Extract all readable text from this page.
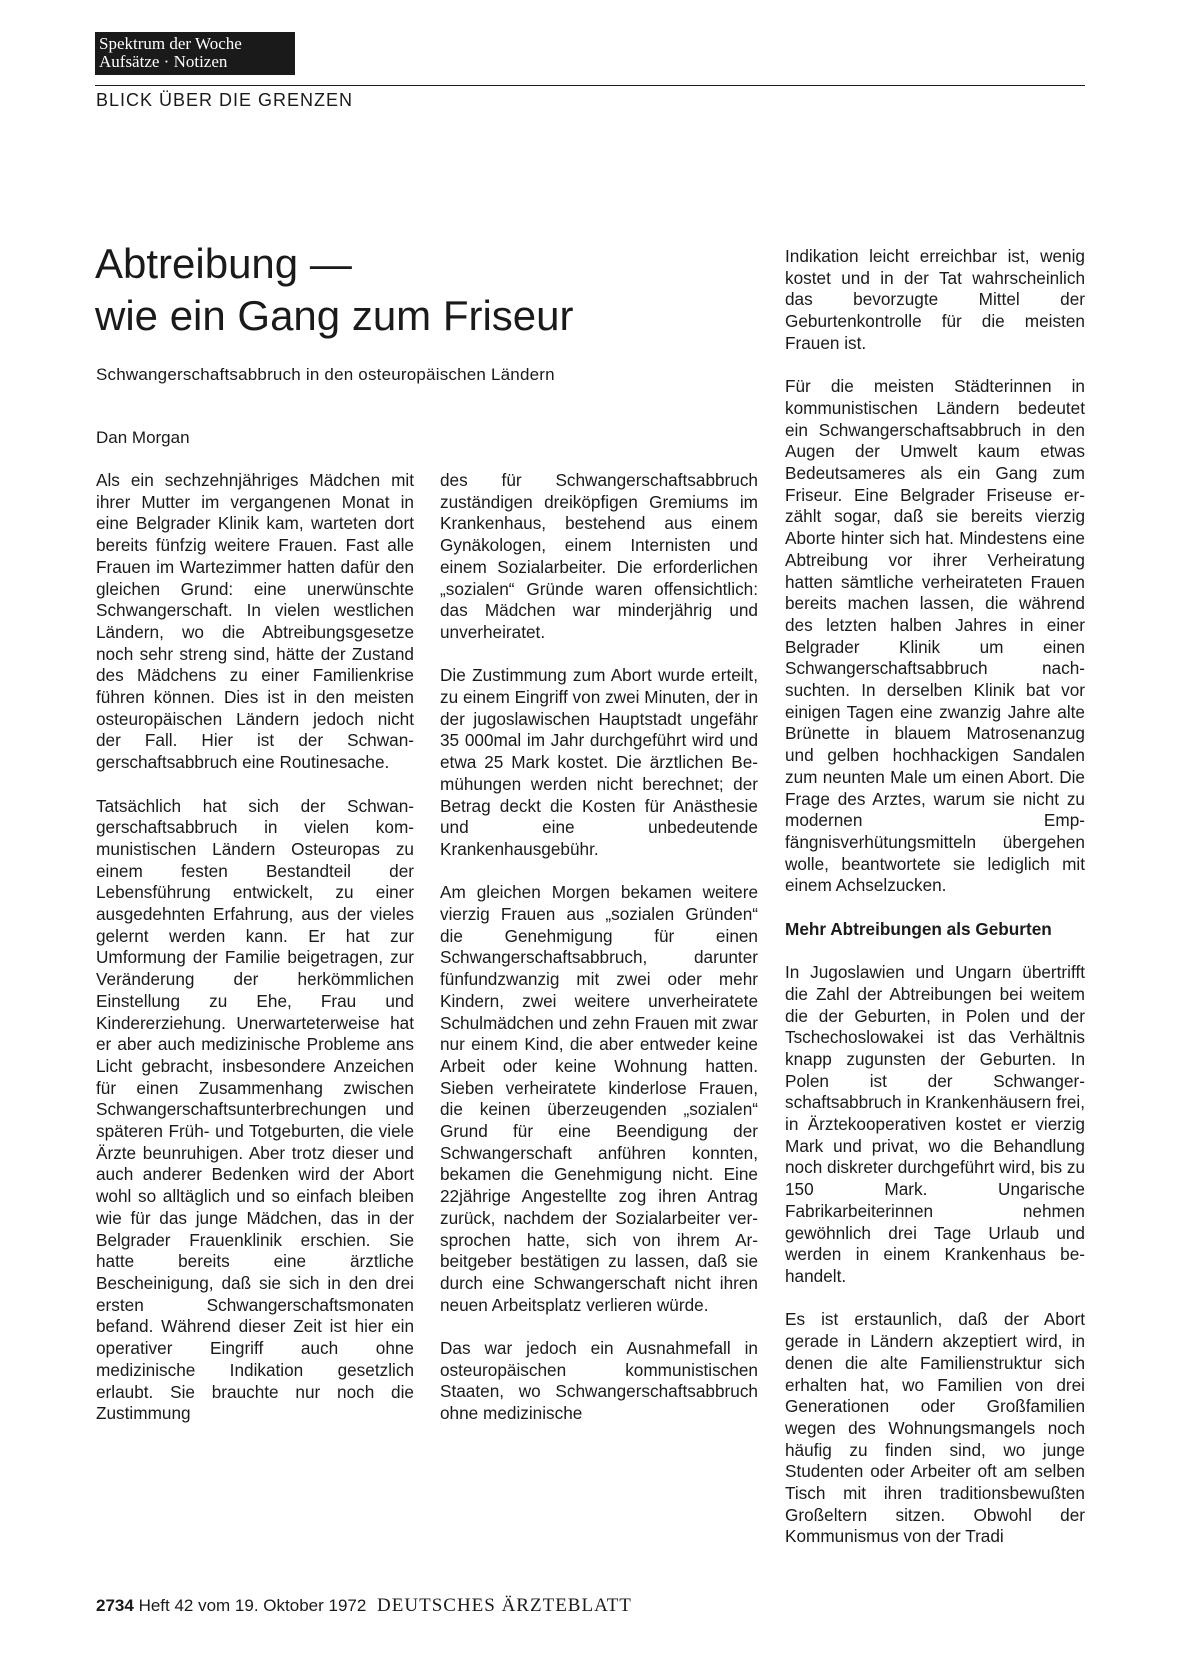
Spektrum der Woche
Aufsätze · Notizen
BLICK ÜBER DIE GRENZEN
Abtreibung —
wie ein Gang zum Friseur
Schwangerschaftsabbruch in den osteuropäischen Ländern
Dan Morgan

Als ein sechzehnjähriges Mädchen mit ihrer Mutter im vergangenen Monat in eine Belgrader Klinik kam, warteten dort bereits fünfzig weitere Frauen. Fast alle Frauen im Wartezimmer hatten dafür den gleichen Grund: eine unerwünschte Schwangerschaft. In vielen westlichen Ländern, wo die Abtreibungsgesetze noch sehr streng sind, hätte der Zustand des Mädchens zu einer Familienkrise führen können. Dies ist in den meisten osteuropäischen Ländern jedoch nicht der Fall. Hier ist der Schwangerschaftsabbruch eine Routinesache.

Tatsächlich hat sich der Schwangerschaftsabbruch in vielen kommunistischen Ländern Osteuropas zu einem festen Bestandteil der Lebensführung entwickelt, zu einer ausgedehnten Erfahrung, aus der vieles gelernt werden kann. Er hat zur Umformung der Familie beigetragen, zur Veränderung der herkömmlichen Einstellung zu Ehe, Frau und Kindererziehung. Unerwarteterweise hat er aber auch medizinische Probleme ans Licht gebracht, insbesondere Anzeichen für einen Zusammenhang zwischen Schwangerschaftsunterbrechungen und späteren Früh- und Totgeburten, die viele Ärzte beunruhigen. Aber trotz dieser und auch anderer Bedenken wird der Abort wohl so alltäglich und so einfach bleiben wie für das junge Mädchen, das in der Belgrader Frauenklinik erschien. Sie hatte bereits eine ärztliche Bescheinigung, daß sie sich in den drei ersten Schwangerschaftsmonaten befand. Während dieser Zeit ist hier ein operativer Eingriff auch ohne medizinische Indikation gesetzlich erlaubt. Sie brauchte nur noch die Zustimmung

des für Schwangerschaftsabbruch zuständigen dreiköpfigen Gremiums im Krankenhaus, bestehend aus einem Gynäkologen, einem Internisten und einem Sozialarbeiter. Die erforderlichen „sozialen“ Gründe waren offensichtlich: das Mädchen war minderjährig und unverheiratet.

Die Zustimmung zum Abort wurde erteilt, zu einem Eingriff von zwei Minuten, der in der jugoslawischen Hauptstadt ungefähr 35 000mal im Jahr durchgeführt wird und etwa 25 Mark kostet. Die ärztlichen Bemühungen werden nicht berechnet; der Betrag deckt die Kosten für Anästhesie und eine unbedeutende Krankenhausgebühr.

Am gleichen Morgen bekamen weitere vierzig Frauen aus „sozialen Gründen“ die Genehmigung für einen Schwangerschaftsabbruch, darunter fünfundzwanzig mit zwei oder mehr Kindern, zwei weitere unverheiratete Schulmädchen und zehn Frauen mit zwar nur einem Kind, die aber entweder keine Arbeit oder keine Wohnung hatten. Sieben verheiratete kinderlose Frauen, die keinen überzeugenden „sozialen“ Grund für eine Beendigung der Schwangerschaft anführen konnten, bekamen die Genehmigung nicht. Eine 22jährige Angestellte zog ihren Antrag zurück, nachdem der Sozialarbeiter versprochen hatte, sich von ihrem Arbeitgeber bestätigen zu lassen, daß sie durch eine Schwangerschaft nicht ihren neuen Arbeitsplatz verlieren würde.

Das war jedoch ein Ausnahmefall in osteuropäischen kommunistischen Staaten, wo Schwangerschaftsabbruch ohne medizinische

Indikation leicht erreichbar ist, wenig kostet und in der Tat wahrscheinlich das bevorzugte Mittel der Geburtenkontrolle für die meisten Frauen ist.

Für die meisten Städterinnen in kommunistischen Ländern bedeutet ein Schwangerschaftsabbruch in den Augen der Umwelt kaum etwas Bedeutsameres als ein Gang zum Friseur. Eine Belgrader Friseuse erzählt sogar, daß sie bereits vierzig Aborte hinter sich hat. Mindestens eine Abtreibung vor ihrer Verheiratung hatten sämtliche verheirateten Frauen bereits machen lassen, die während des letzten halben Jahres in einer Belgrader Klinik um einen Schwangerschaftsabbruch nachsuchten. In derselben Klinik bat vor einigen Tagen eine zwanzig Jahre alte Brünette in blauem Matrosenanzug und gelben hochhackigen Sandalen zum neunten Male um einen Abort. Die Frage des Arztes, warum sie nicht zu modernen Empfängnisverhütungsmitteln übergehen wolle, beantwortete sie lediglich mit einem Achselzucken.

Mehr Abtreibungen als Geburten

In Jugoslawien und Ungarn übertrifft die Zahl der Abtreibungen bei weitem die der Geburten, in Polen und der Tschechoslowakei ist das Verhältnis knapp zugunsten der Geburten. In Polen ist der Schwangerschaftsabbruch in Krankenhäusern frei, in Ärztekooperativen kostet er vierzig Mark und privat, wo die Behandlung noch diskreter durchgeführt wird, bis zu 150 Mark. Ungarische Fabrikarbeiterinnen nehmen gewöhnlich drei Tage Urlaub und werden in einem Krankenhaus behandelt.

Es ist erstaunlich, daß der Abort gerade in Ländern akzeptiert wird, in denen die alte Familienstruktur sich erhalten hat, wo Familien von drei Generationen oder Großfamilien wegen des Wohnungsmangels noch häufig zu finden sind, wo junge Studenten oder Arbeiter oft am selben Tisch mit ihren traditionsbewußten Großeltern sitzen. Obwohl der Kommunismus von der Tradi

2734 Heft 42 vom 19. Oktober 1972 DEUTSCHES ÄRZTEBLATT
